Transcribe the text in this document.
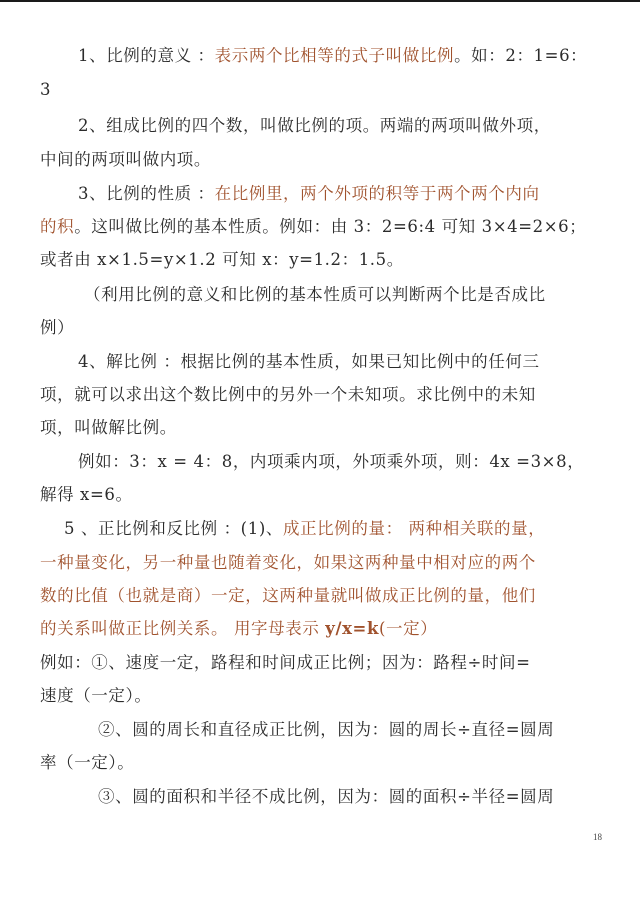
1、比例的意义 ：表示两个比相等的式子叫做比例。如：2：1=6：
3
2、组成比例的四个数，叫做比例的项。两端的两项叫做外项，
中间的两项叫做内项。
3、比例的性质 ：在比例里，两个外项的积等于两个两个内向
的积。这叫做比例的基本性质。例如：由 3：2=6:4 可知 3×4=2×6；
或者由 x×1.5=y×1.2 可知 x：y=1.2：1.5。
（利用比例的意义和比例的基本性质可以判断两个比是否成比
例）
4、解比例 ：根据比例的基本性质，如果已知比例中的任何三
项，就可以求出这个数比例中的另外一个未知项。求比例中的未知
项，叫做解比例。
例如：3：x = 4：8，内项乘内项，外项乘外项，则：4x =3×8，
解得 x=6。
5 、正比例和反比例 ：(1)、成正比例的量： 两种相关联的量，
一种量变化，另一种量也随着变化，如果这两种量中相对应的两个
数的比值（也就是商）一定，这两种量就叫做成正比例的量，他们
的关系叫做正比例关系。 用字母表示 y/x=k(一定）
例如：①、速度一定，路程和时间成正比例；因为：路程÷时间=
速度（一定）。
②、圆的周长和直径成正比例，因为：圆的周长÷直径=圆周
率（一定）。
③、圆的面积和半径不成比例，因为：圆的面积÷半径=圆周
18
